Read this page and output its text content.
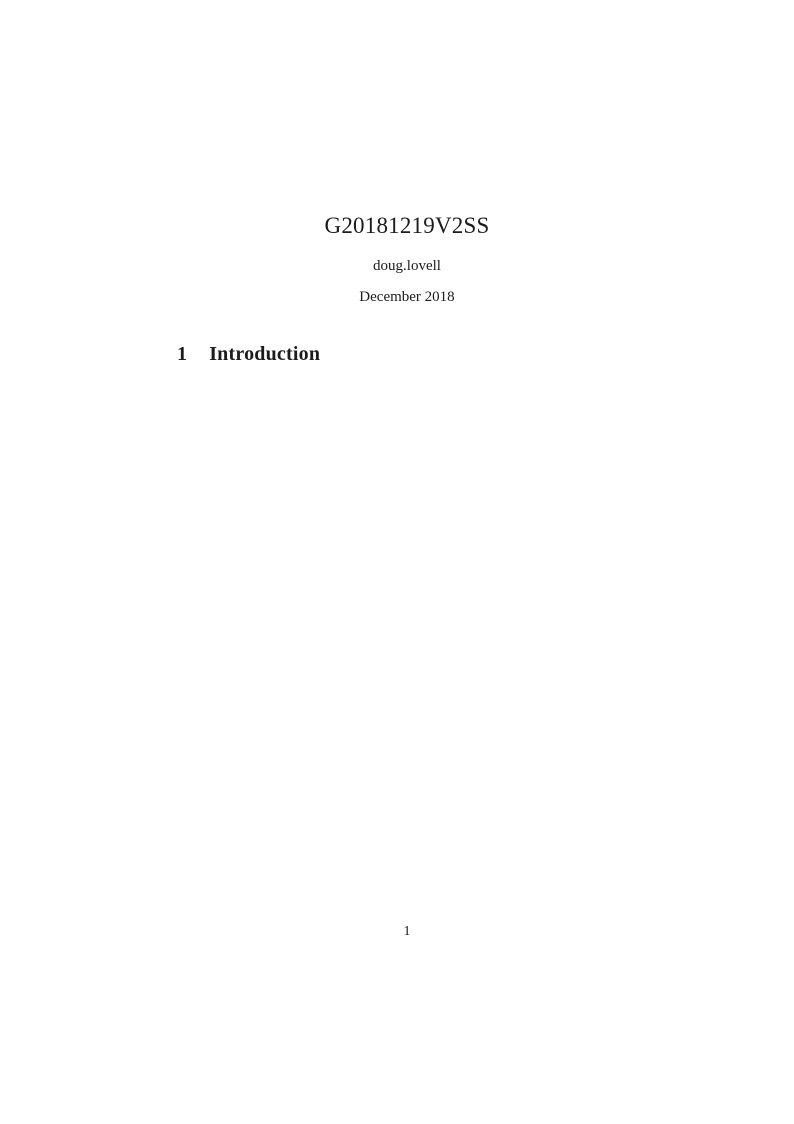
G20181219V2SS
doug.lovell
December 2018
1 Introduction
1
